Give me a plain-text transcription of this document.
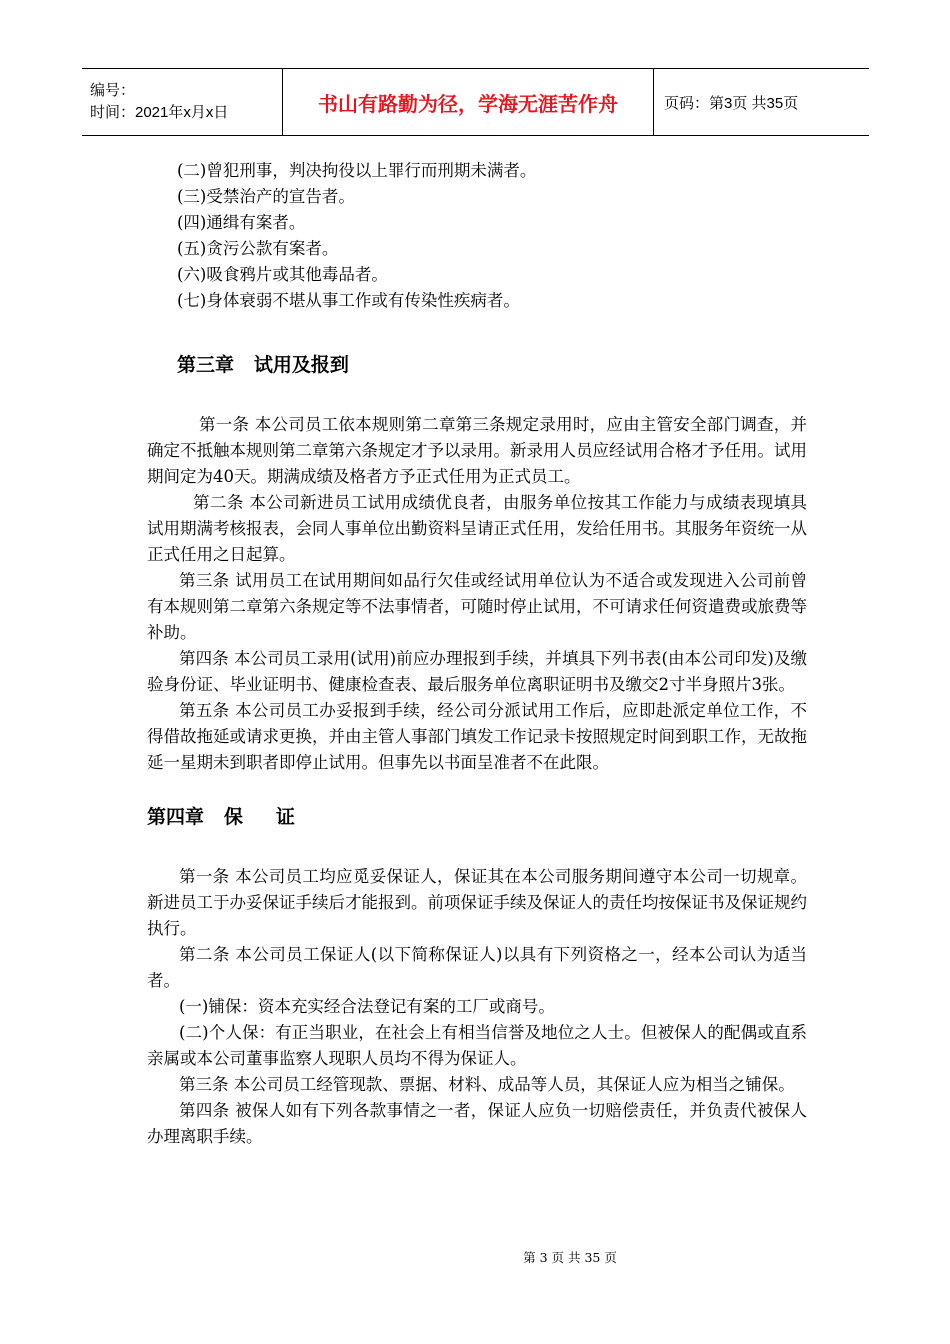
编号：
时间：2021年x月x日	书山有路勤为径，学海无涯苦作舟	页码：第3页 共35页

(二)曾犯刑事，判决拘役以上罪行而刑期未满者。

(三)受禁治产的宣告者。

(四)通缉有案者。

(五)贪污公款有案者。

(六)吸食鸦片或其他毒品者。

(七)身体衰弱不堪从事工作或有传染性疾病者。

第三章   试用及报到

第一条 本公司员工依本规则第二章第三条规定录用时，应由主管安全部门调查，并确定不抵触本规则第二章第六条规定才予以录用。新录用人员应经试用合格才予任用。试用期间定为40天。期满成绩及格者方予正式任用为正式员工。

第二条 本公司新进员工试用成绩优良者，由服务单位按其工作能力与成绩表现填具试用期满考核报表，会同人事单位出勤资料呈请正式任用，发给任用书。其服务年资统一从正式任用之日起算。

第三条 试用员工在试用期间如品行欠佳或经试用单位认为不适合或发现进入公司前曾有本规则第二章第六条规定等不法事情者，可随时停止试用，不可请求任何资遣费或旅费等补助。

第四条 本公司员工录用(试用)前应办理报到手续，并填具下列书表(由本公司印发)及缴验身份证、毕业证明书、健康检查表、最后服务单位离职证明书及缴交2寸半身照片3张。

第五条 本公司员工办妥报到手续，经公司分派试用工作后，应即赴派定单位工作，不得借故拖延或请求更换，并由主管人事部门填发工作记录卡按照规定时间到职工作，无故拖延一星期未到职者即停止试用。但事先以书面呈准者不在此限。

第四章   保     证

第一条 本公司员工均应觅妥保证人，保证其在本公司服务期间遵守本公司一切规章。新进员工于办妥保证手续后才能报到。前项保证手续及保证人的责任均按保证书及保证规约执行。

第二条 本公司员工保证人(以下简称保证人)以具有下列资格之一，经本公司认为适当者。

(一)铺保：资本充实经合法登记有案的工厂或商号。

(二)个人保：有正当职业，在社会上有相当信誉及地位之人士。但被保人的配偶或直系亲属或本公司董事监察人现职人员均不得为保证人。

第三条 本公司员工经管现款、票据、材料、成品等人员，其保证人应为相当之铺保。

第四条 被保人如有下列各款事情之一者，保证人应负一切赔偿责任，并负责代被保人办理离职手续。

第 3 页 共 35 页
